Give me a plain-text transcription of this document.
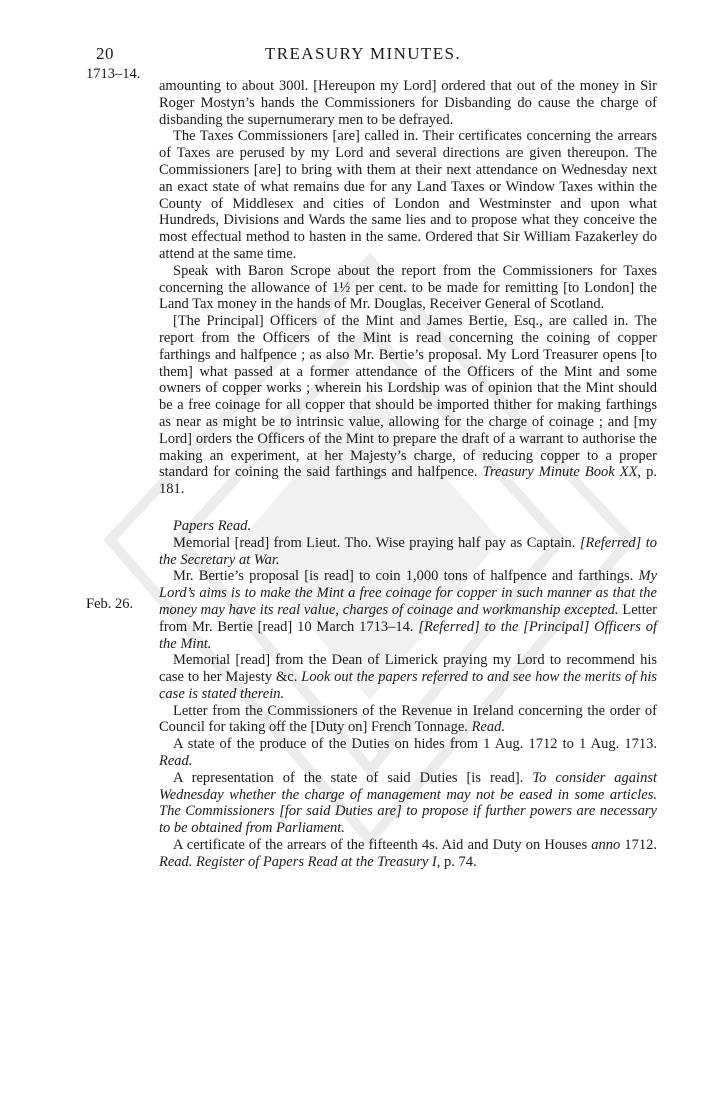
20	TREASURY MINUTES.
1713–14.
Feb. 26.

amounting to about 300l. [Hereupon my Lord] ordered that out of the money in Sir Roger Mostyn’s hands the Commissioners for Disbanding do cause the charge of disbanding the supernumerary men to be defrayed.

The Taxes Commissioners [are] called in. Their certificates concerning the arrears of Taxes are perused by my Lord and several directions are given thereupon. The Commissioners [are] to bring with them at their next attendance on Wednesday next an exact state of what remains due for any Land Taxes or Window Taxes within the County of Middlesex and cities of London and Westminster and upon what Hundreds, Divisions and Wards the same lies and to propose what they conceive the most effectual method to hasten in the same. Ordered that Sir William Fazakerley do attend at the same time.

Speak with Baron Scrope about the report from the Commissioners for Taxes concerning the allowance of 1½ per cent. to be made for remitting [to London] the Land Tax money in the hands of Mr. Douglas, Receiver General of Scotland.

[The Principal] Officers of the Mint and James Bertie, Esq., are called in. The report from the Officers of the Mint is read concerning the coining of copper farthings and halfpence ; as also Mr. Bertie’s proposal. My Lord Treasurer opens [to them] what passed at a former attendance of the Officers of the Mint and some owners of copper works ; wherein his Lordship was of opinion that the Mint should be a free coinage for all copper that should be imported thither for making farthings as near as might be to intrinsic value, allowing for the charge of coinage ; and [my Lord] orders the Officers of the Mint to prepare the draft of a warrant to authorise the making an experiment, at her Majesty’s charge, of reducing copper to a proper standard for coining the said farthings and halfpence. Treasury Minute Book XX, p. 181.

Papers Read.

Memorial [read] from Lieut. Tho. Wise praying half pay as Captain. [Referred] to the Secretary at War.

Mr. Bertie’s proposal [is read] to coin 1,000 tons of halfpence and farthings. My Lord’s aims is to make the Mint a free coinage for copper in such manner as that the money may have its real value, charges of coinage and workmanship excepted. Letter from Mr. Bertie [read] 10 March 1713–14. [Referred] to the [Principal] Officers of the Mint.

Memorial [read] from the Dean of Limerick praying my Lord to recommend his case to her Majesty &c. Look out the papers referred to and see how the merits of his case is stated therein.

Letter from the Commissioners of the Revenue in Ireland concerning the order of Council for taking off the [Duty on] French Tonnage. Read.

A state of the produce of the Duties on hides from 1 Aug. 1712 to 1 Aug. 1713. Read.

A representation of the state of said Duties [is read]. To consider against Wednesday whether the charge of management may not be eased in some articles. The Commissioners [for said Duties are] to propose if further powers are necessary to be obtained from Parliament.

A certificate of the arrears of the fifteenth 4s. Aid and Duty on Houses anno 1712. Read. Register of Papers Read at the Treasury I, p. 74.
